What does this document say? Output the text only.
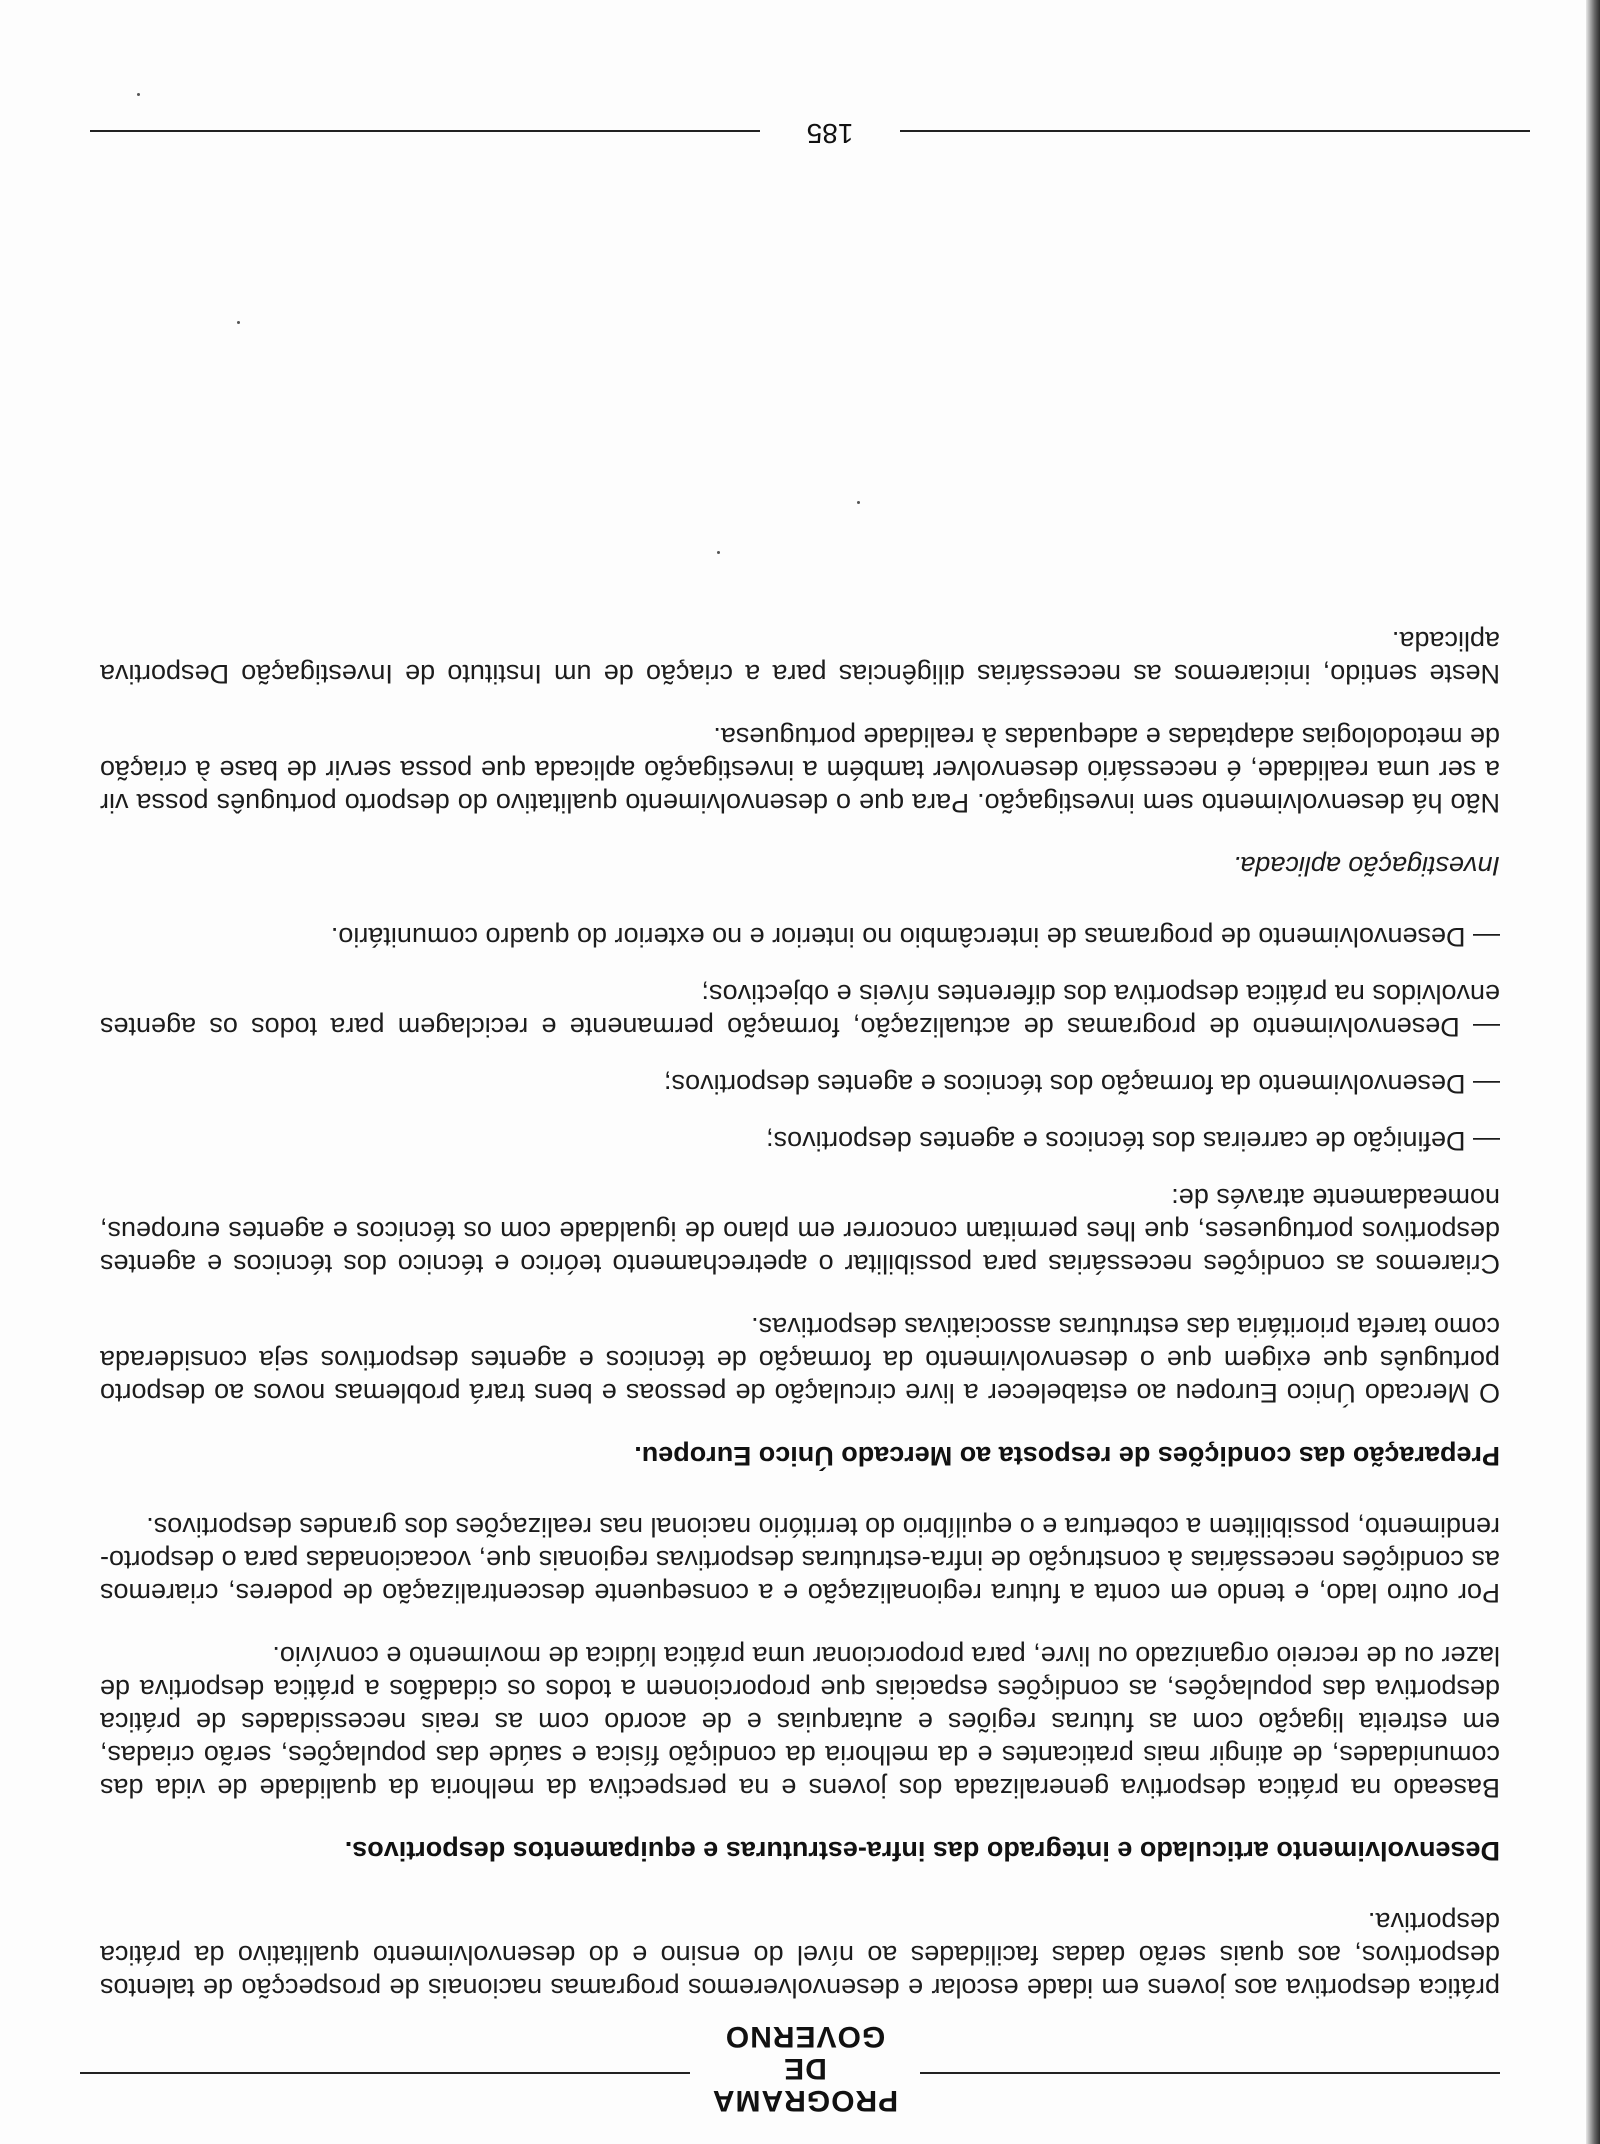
PROGRAMA
DE GOVERNO

prática desportiva aos jovens em idade escolar e desenvolveremos programas nacionais de prospecção de talentos desportivos, aos quais serão dadas facilidades ao nível do ensino e do desenvolvimento qualitativo da prática desportiva.

Desenvolvimento articulado e integrado das infra-estruturas e equipamentos desportivos.

Baseado na prática desportiva generalizada dos jovens e na perspectiva da melhoria da qualidade de vida das comunidades, de atingir mais praticantes e da melhoria da condição física e saúde das populações, serão criadas, em estreita ligação com as futuras regiões e autarquias e de acordo com as reais necessidades de prática desportiva das populações, as condições espaciais que proporcionem a todos os cidadãos a prática desportiva de lazer ou de recreio organizado ou livre, para proporcionar uma prática lúdica de movimento e convívio.

Por outro lado, e tendo em conta a futura regionalização e a consequente descentralização de poderes, criaremos as condições necessárias à construção de infra-estruturas desportivas regionais que, vocacionadas para o desporto-rendimento, possibilitem a cobertura e o equilíbrio do território nacional nas realizações dos grandes desportivos.

Preparação das condições de resposta ao Mercado Único Europeu.

O Mercado Único Europeu ao estabelecer a livre circulação de pessoas e bens trará problemas novos ao desporto português que exigem que o desenvolvimento da formação de técnicos e agentes desportivos seja considerada como tarefa prioritária das estruturas associativas desportivas.

Criaremos as condições necessárias para possibilitar o apetrechamento teórico e técnico dos técnicos e agentes desportivos portugueses, que lhes permitam concorrer em plano de igualdade com os técnicos e agentes europeus, nomeadamente através de:

— Definição de carreiras dos técnicos e agentes desportivos;

— Desenvolvimento da formação dos técnicos e agentes desportivos;

— Desenvolvimento de programas de actualização, formação permanente e reciclagem para todos os agentes envolvidos na prática desportiva dos diferentes níveis e objectivos;

— Desenvolvimento de programas de intercâmbio no interior e no exterior do quadro comunitário.

Investigação aplicada.

Não há desenvolvimento sem investigação. Para que o desenvolvimento qualitativo do desporto português possa vir a ser uma realidade, é necessário desenvolver também a investigação aplicada que possa servir de base à criação de metodologias adaptadas e adequadas à realidade portuguesa.

Neste sentido, iniciaremos as necessárias diligências para a criação de um Instituto de Investigação Desportiva aplicada.

185
